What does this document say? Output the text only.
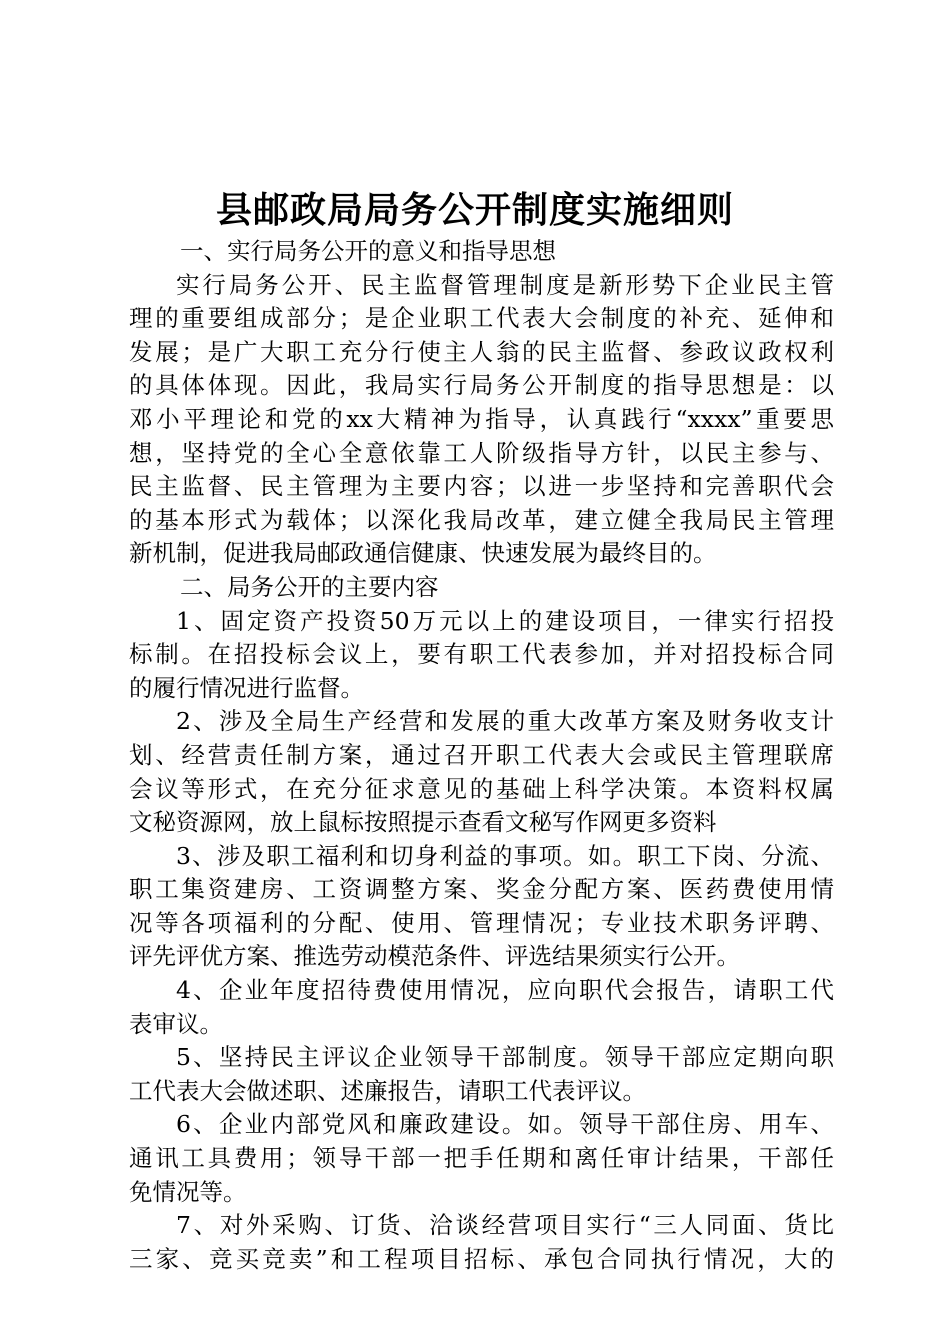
县邮政局局务公开制度实施细则
一、实行局务公开的意义和指导思想
实行局务公开、民主监督管理制度是新形势下企业民主管
理的重要组成部分；是企业职工代表大会制度的补充、延伸和
发展；是广大职工充分行使主人翁的民主监督、参政议政权利
的具体体现。因此，我局实行局务公开制度的指导思想是：以
邓小平理论和党的xx大精神为指导，认真践行“xxxx”重要思
想，坚持党的全心全意依靠工人阶级指导方针，以民主参与、
民主监督、民主管理为主要内容；以进一步坚持和完善职代会
的基本形式为载体；以深化我局改革，建立健全我局民主管理
新机制，促进我局邮政通信健康、快速发展为最终目的。
二、局务公开的主要内容
1、固定资产投资50万元以上的建设项目，一律实行招投
标制。在招投标会议上，要有职工代表参加，并对招投标合同
的履行情况进行监督。
2、涉及全局生产经营和发展的重大改革方案及财务收支计
划、经营责任制方案，通过召开职工代表大会或民主管理联席
会议等形式，在充分征求意见的基础上科学决策。本资料权属
文秘资源网，放上鼠标按照提示查看文秘写作网更多资料
3、涉及职工福利和切身利益的事项。如。职工下岗、分流、
职工集资建房、工资调整方案、奖金分配方案、医药费使用情
况等各项福利的分配、使用、管理情况；专业技术职务评聘、
评先评优方案、推选劳动模范条件、评选结果须实行公开。
4、企业年度招待费使用情况，应向职代会报告，请职工代
表审议。
5、坚持民主评议企业领导干部制度。领导干部应定期向职
工代表大会做述职、述廉报告，请职工代表评议。
6、企业内部党风和廉政建设。如。领导干部住房、用车、
通讯工具费用；领导干部一把手任期和离任审计结果，干部任
免情况等。
7、对外采购、订货、洽谈经营项目实行“三人同面、货比
三家、竞买竞卖”和工程项目招标、承包合同执行情况，大的
